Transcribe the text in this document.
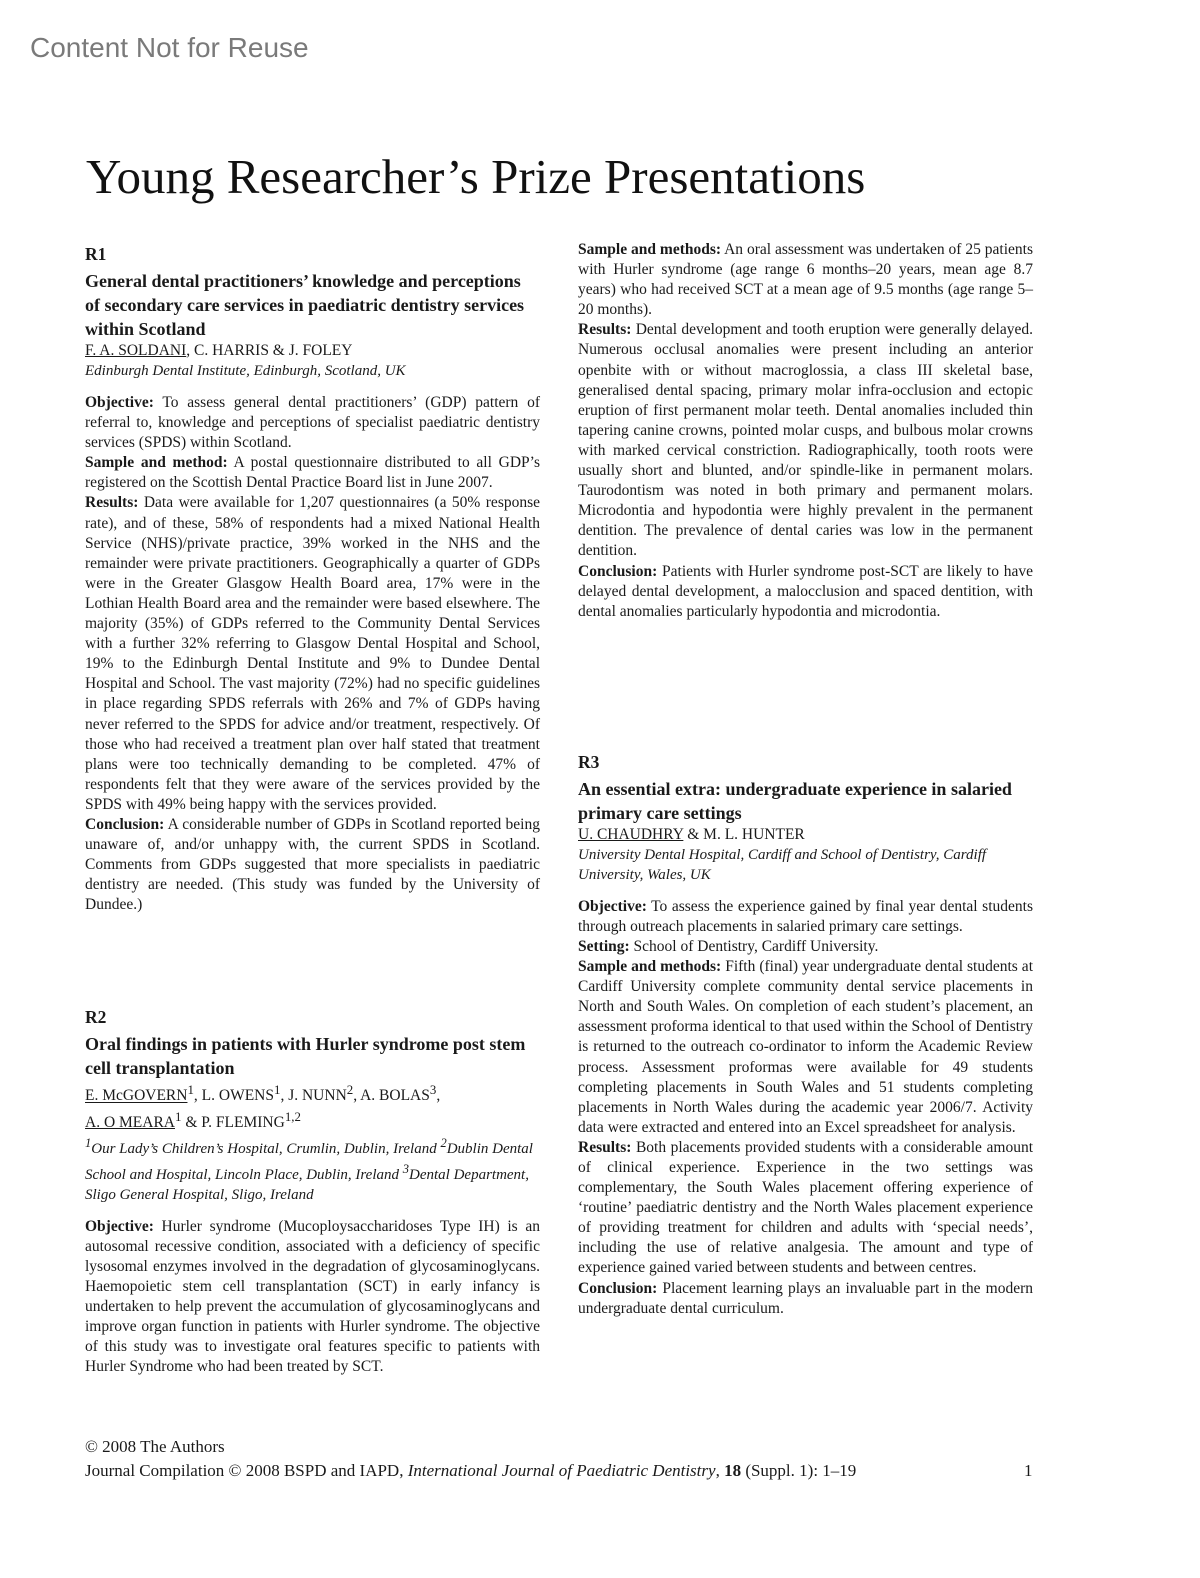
Content Not for Reuse
Young Researcher’s Prize Presentations
R1
General dental practitioners’ knowledge and perceptions of secondary care services in paediatric dentistry services within Scotland
F. A. SOLDANI, C. HARRIS & J. FOLEY
Edinburgh Dental Institute, Edinburgh, Scotland, UK

Objective: To assess general dental practitioners’ (GDP) pattern of referral to, knowledge and perceptions of specialist paediatric dentistry services (SPDS) within Scotland.

Sample and method: A postal questionnaire distributed to all GDP’s registered on the Scottish Dental Practice Board list in June 2007.

Results: Data were available for 1,207 questionnaires (a 50% response rate), and of these, 58% of respondents had a mixed National Health Service (NHS)/private practice, 39% worked in the NHS and the remainder were private practitioners. Geographically a quarter of GDPs were in the Greater Glasgow Health Board area, 17% were in the Lothian Health Board area and the remainder were based elsewhere. The majority (35%) of GDPs referred to the Community Dental Services with a further 32% referring to Glasgow Dental Hospital and School, 19% to the Edinburgh Dental Institute and 9% to Dundee Dental Hospital and School. The vast majority (72%) had no specific guidelines in place regarding SPDS referrals with 26% and 7% of GDPs having never referred to the SPDS for advice and/or treatment, respectively. Of those who had received a treatment plan over half stated that treatment plans were too technically demanding to be completed. 47% of respondents felt that they were aware of the services provided by the SPDS with 49% being happy with the services provided.

Conclusion: A considerable number of GDPs in Scotland reported being unaware of, and/or unhappy with, the current SPDS in Scotland. Comments from GDPs suggested that more specialists in paediatric dentistry are needed. (This study was funded by the University of Dundee.)

R2
Oral findings in patients with Hurler syndrome post stem cell transplantation
E. McGOVERN$^1$, L. OWENS$^1$, J. NUNN$^2$, A. BOLAS$^3$,
A. O MEARA$^1$ & P. FLEMING$^{1,2}$
$^1$Our Lady’s Children’s Hospital, Crumlin, Dublin, Ireland $^2$Dublin Dental School and Hospital, Lincoln Place, Dublin, Ireland $^3$Dental Department, Sligo General Hospital, Sligo, Ireland

Objective: Hurler syndrome (Mucoploysaccharidoses Type IH) is an autosomal recessive condition, associated with a deficiency of specific lysosomal enzymes involved in the degradation of glycosaminoglycans. Haemopoietic stem cell transplantation (SCT) in early infancy is undertaken to help prevent the accumulation of glycosaminoglycans and improve organ function in patients with Hurler syndrome. The objective of this study was to investigate oral features specific to patients with Hurler Syndrome who had been treated by SCT.

Sample and methods: An oral assessment was undertaken of 25 patients with Hurler syndrome (age range 6 months–20 years, mean age 8.7 years) who had received SCT at a mean age of 9.5 months (age range 5–20 months).

Results: Dental development and tooth eruption were generally delayed. Numerous occlusal anomalies were present including an anterior openbite with or without macroglossia, a class III skeletal base, generalised dental spacing, primary molar infra-occlusion and ectopic eruption of first permanent molar teeth. Dental anomalies included thin tapering canine crowns, pointed molar cusps, and bulbous molar crowns with marked cervical constriction. Radiographically, tooth roots were usually short and blunted, and/or spindle-like in permanent molars. Taurodontism was noted in both primary and permanent molars. Microdontia and hypodontia were highly prevalent in the permanent dentition. The prevalence of dental caries was low in the permanent dentition.

Conclusion: Patients with Hurler syndrome post-SCT are likely to have delayed dental development, a malocclusion and spaced dentition, with dental anomalies particularly hypodontia and microdontia.

R3
An essential extra: undergraduate experience in salaried primary care settings
U. CHAUDHRY & M. L. HUNTER
University Dental Hospital, Cardiff and School of Dentistry, Cardiff University, Wales, UK

Objective: To assess the experience gained by final year dental students through outreach placements in salaried primary care settings.

Setting: School of Dentistry, Cardiff University.

Sample and methods: Fifth (final) year undergraduate dental students at Cardiff University complete community dental service placements in North and South Wales. On completion of each student’s placement, an assessment proforma identical to that used within the School of Dentistry is returned to the outreach co-ordinator to inform the Academic Review process. Assessment proformas were available for 49 students completing placements in South Wales and 51 students completing placements in North Wales during the academic year 2006/7. Activity data were extracted and entered into an Excel spreadsheet for analysis.

Results: Both placements provided students with a considerable amount of clinical experience. Experience in the two settings was complementary, the South Wales placement offering experience of ‘routine’ paediatric dentistry and the North Wales placement experience of providing treatment for children and adults with ‘special needs’, including the use of relative analgesia. The amount and type of experience gained varied between students and between centres.

Conclusion: Placement learning plays an invaluable part in the modern undergraduate dental curriculum.

© 2008 The Authors
Journal Compilation © 2008 BSPD and IAPD, International Journal of Paediatric Dentistry, 18 (Suppl. 1): 1–19	1
